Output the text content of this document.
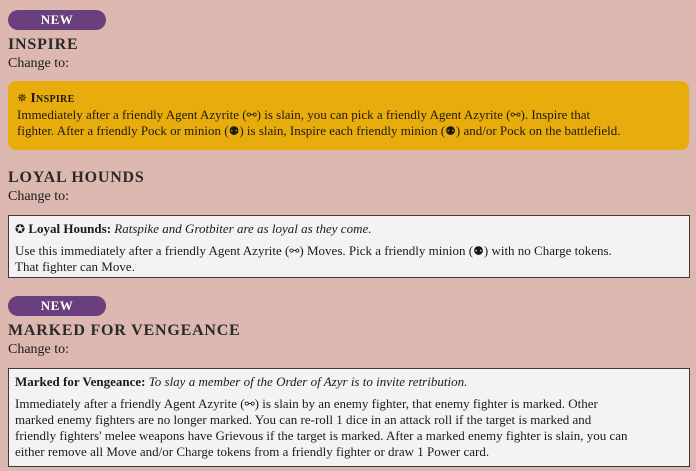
NEW
INSPIRE
Change to:
✵ Inspire
Immediately after a friendly Agent Azyrite (⚯) is slain, you can pick a friendly Agent Azyrite (⚯). Inspire that
fighter. After a friendly Pock or minion (⚉) is slain, Inspire each friendly minion (⚉) and/or Pock on the battlefield.
LOYAL HOUNDS
Change to:
✪ Loyal Hounds: Ratspike and Grotbiter are as loyal as they come.
Use this immediately after a friendly Agent Azyrite (⚯) Moves. Pick a friendly minion (⚉) with no Charge tokens.
That fighter can Move.
NEW
MARKED FOR VENGEANCE
Change to:
Marked for Vengeance: To slay a member of the Order of Azyr is to invite retribution.
Immediately after a friendly Agent Azyrite (⚯) is slain by an enemy fighter, that enemy fighter is marked. Other
marked enemy fighters are no longer marked. You can re-roll 1 dice in an attack roll if the target is marked and
friendly fighters' melee weapons have Grievous if the target is marked. After a marked enemy fighter is slain, you can
either remove all Move and/or Charge tokens from a friendly fighter or draw 1 Power card.
